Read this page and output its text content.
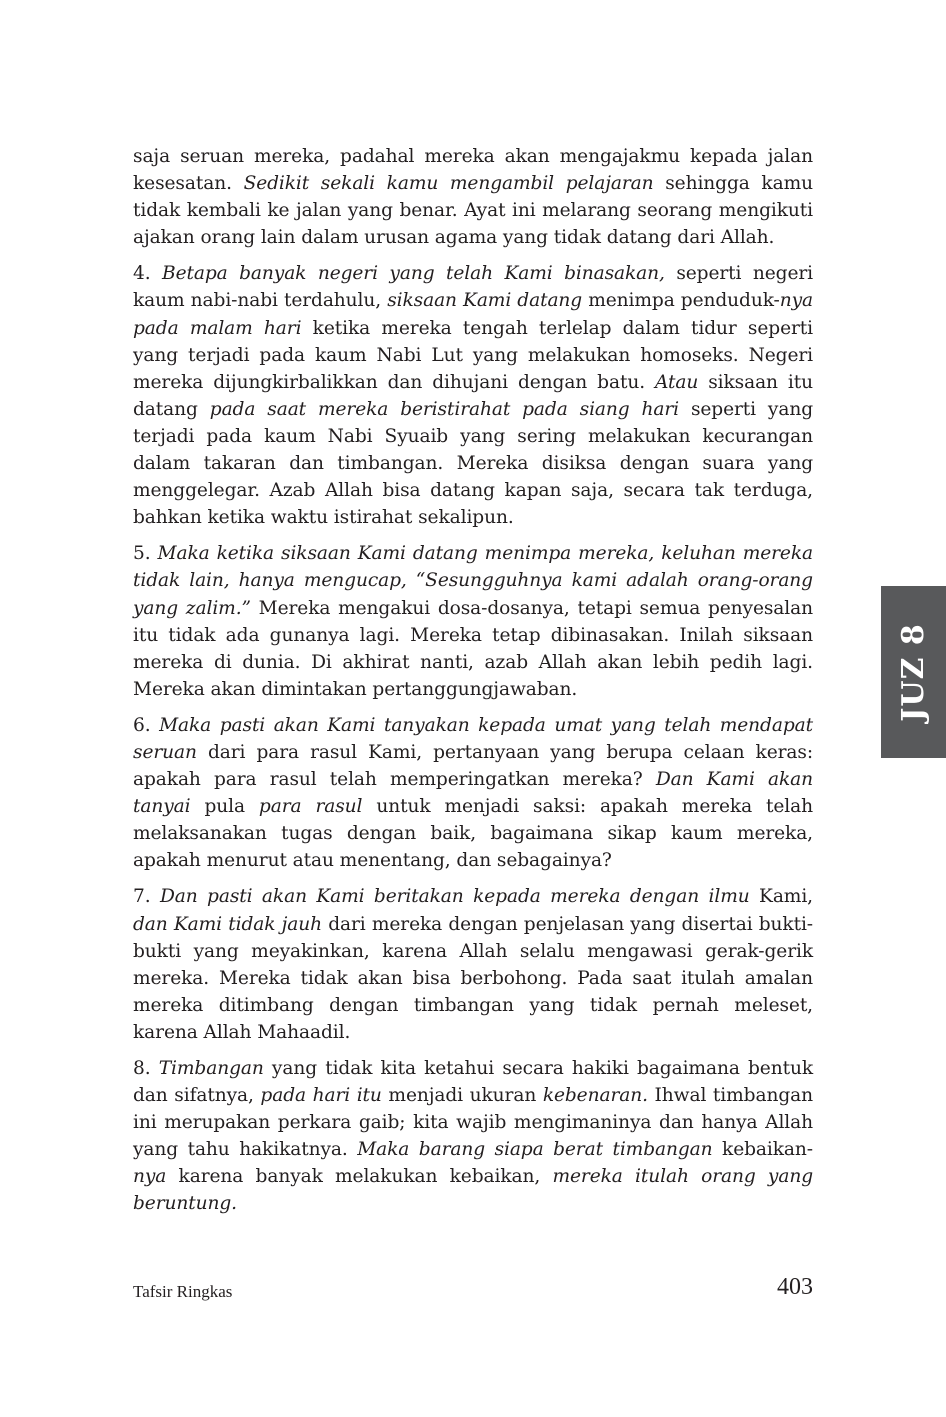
saja seruan mereka, padahal mereka akan mengajakmu kepada jalan kesesatan. Sedikit sekali kamu mengambil pelajaran sehingga kamu tidak kembali ke jalan yang benar. Ayat ini melarang seorang mengikuti ajakan orang lain dalam urusan agama yang tidak datang dari Allah.

4. Betapa banyak negeri yang telah Kami binasakan, seperti negeri kaum nabi-nabi terdahulu, siksaan Kami datang menimpa penduduk-nya pada malam hari ketika mereka tengah terlelap dalam tidur seperti yang terjadi pada kaum Nabi Lut yang melakukan homoseks. Negeri mereka dijungkirbalikkan dan dihujani dengan batu. Atau siksaan itu datang pada saat mereka beristirahat pada siang hari seperti yang terjadi pada kaum Nabi Syuaib yang sering melakukan kecurangan dalam takaran dan timbangan. Mereka disiksa dengan suara yang menggelegar. Azab Allah bisa datang kapan saja, secara tak terduga, bahkan ketika waktu istirahat sekalipun.

5. Maka ketika siksaan Kami datang menimpa mereka, keluhan mereka tidak lain, hanya mengucap, “Sesungguhnya kami adalah orang-orang yang zalim.” Mereka mengakui dosa-dosanya, tetapi semua penyesalan itu tidak ada gunanya lagi. Mereka tetap dibinasakan. Inilah siksaan mereka di dunia. Di akhirat nanti, azab Allah akan lebih pedih lagi. Mereka akan dimintakan pertanggungjawaban.

6. Maka pasti akan Kami tanyakan kepada umat yang telah mendapat seruan dari para rasul Kami, pertanyaan yang berupa celaan keras: apakah para rasul telah memperingatkan mereka? Dan Kami akan tanyai pula para rasul untuk menjadi saksi: apakah mereka telah melaksanakan tugas dengan baik, bagaimana sikap kaum mereka, apakah menurut atau menentang, dan sebagainya?

7. Dan pasti akan Kami beritakan kepada mereka dengan ilmu Kami, dan Kami tidak jauh dari mereka dengan penjelasan yang disertai bukti-bukti yang meyakinkan, karena Allah selalu mengawasi gerak-gerik mereka. Mereka tidak akan bisa berbohong. Pada saat itulah amalan mereka ditimbang dengan timbangan yang tidak pernah meleset, karena Allah Mahaadil.

8. Timbangan yang tidak kita ketahui secara hakiki bagaimana bentuk dan sifatnya, pada hari itu menjadi ukuran kebenaran. Ihwal timbangan ini merupakan perkara gaib; kita wajib mengimaninya dan hanya Allah yang tahu hakikatnya. Maka barang siapa berat timbangan kebaikan-nya karena banyak melakukan kebaikan, mereka itulah orang yang beruntung.

JUZ 8
Tafsir Ringkas	403
